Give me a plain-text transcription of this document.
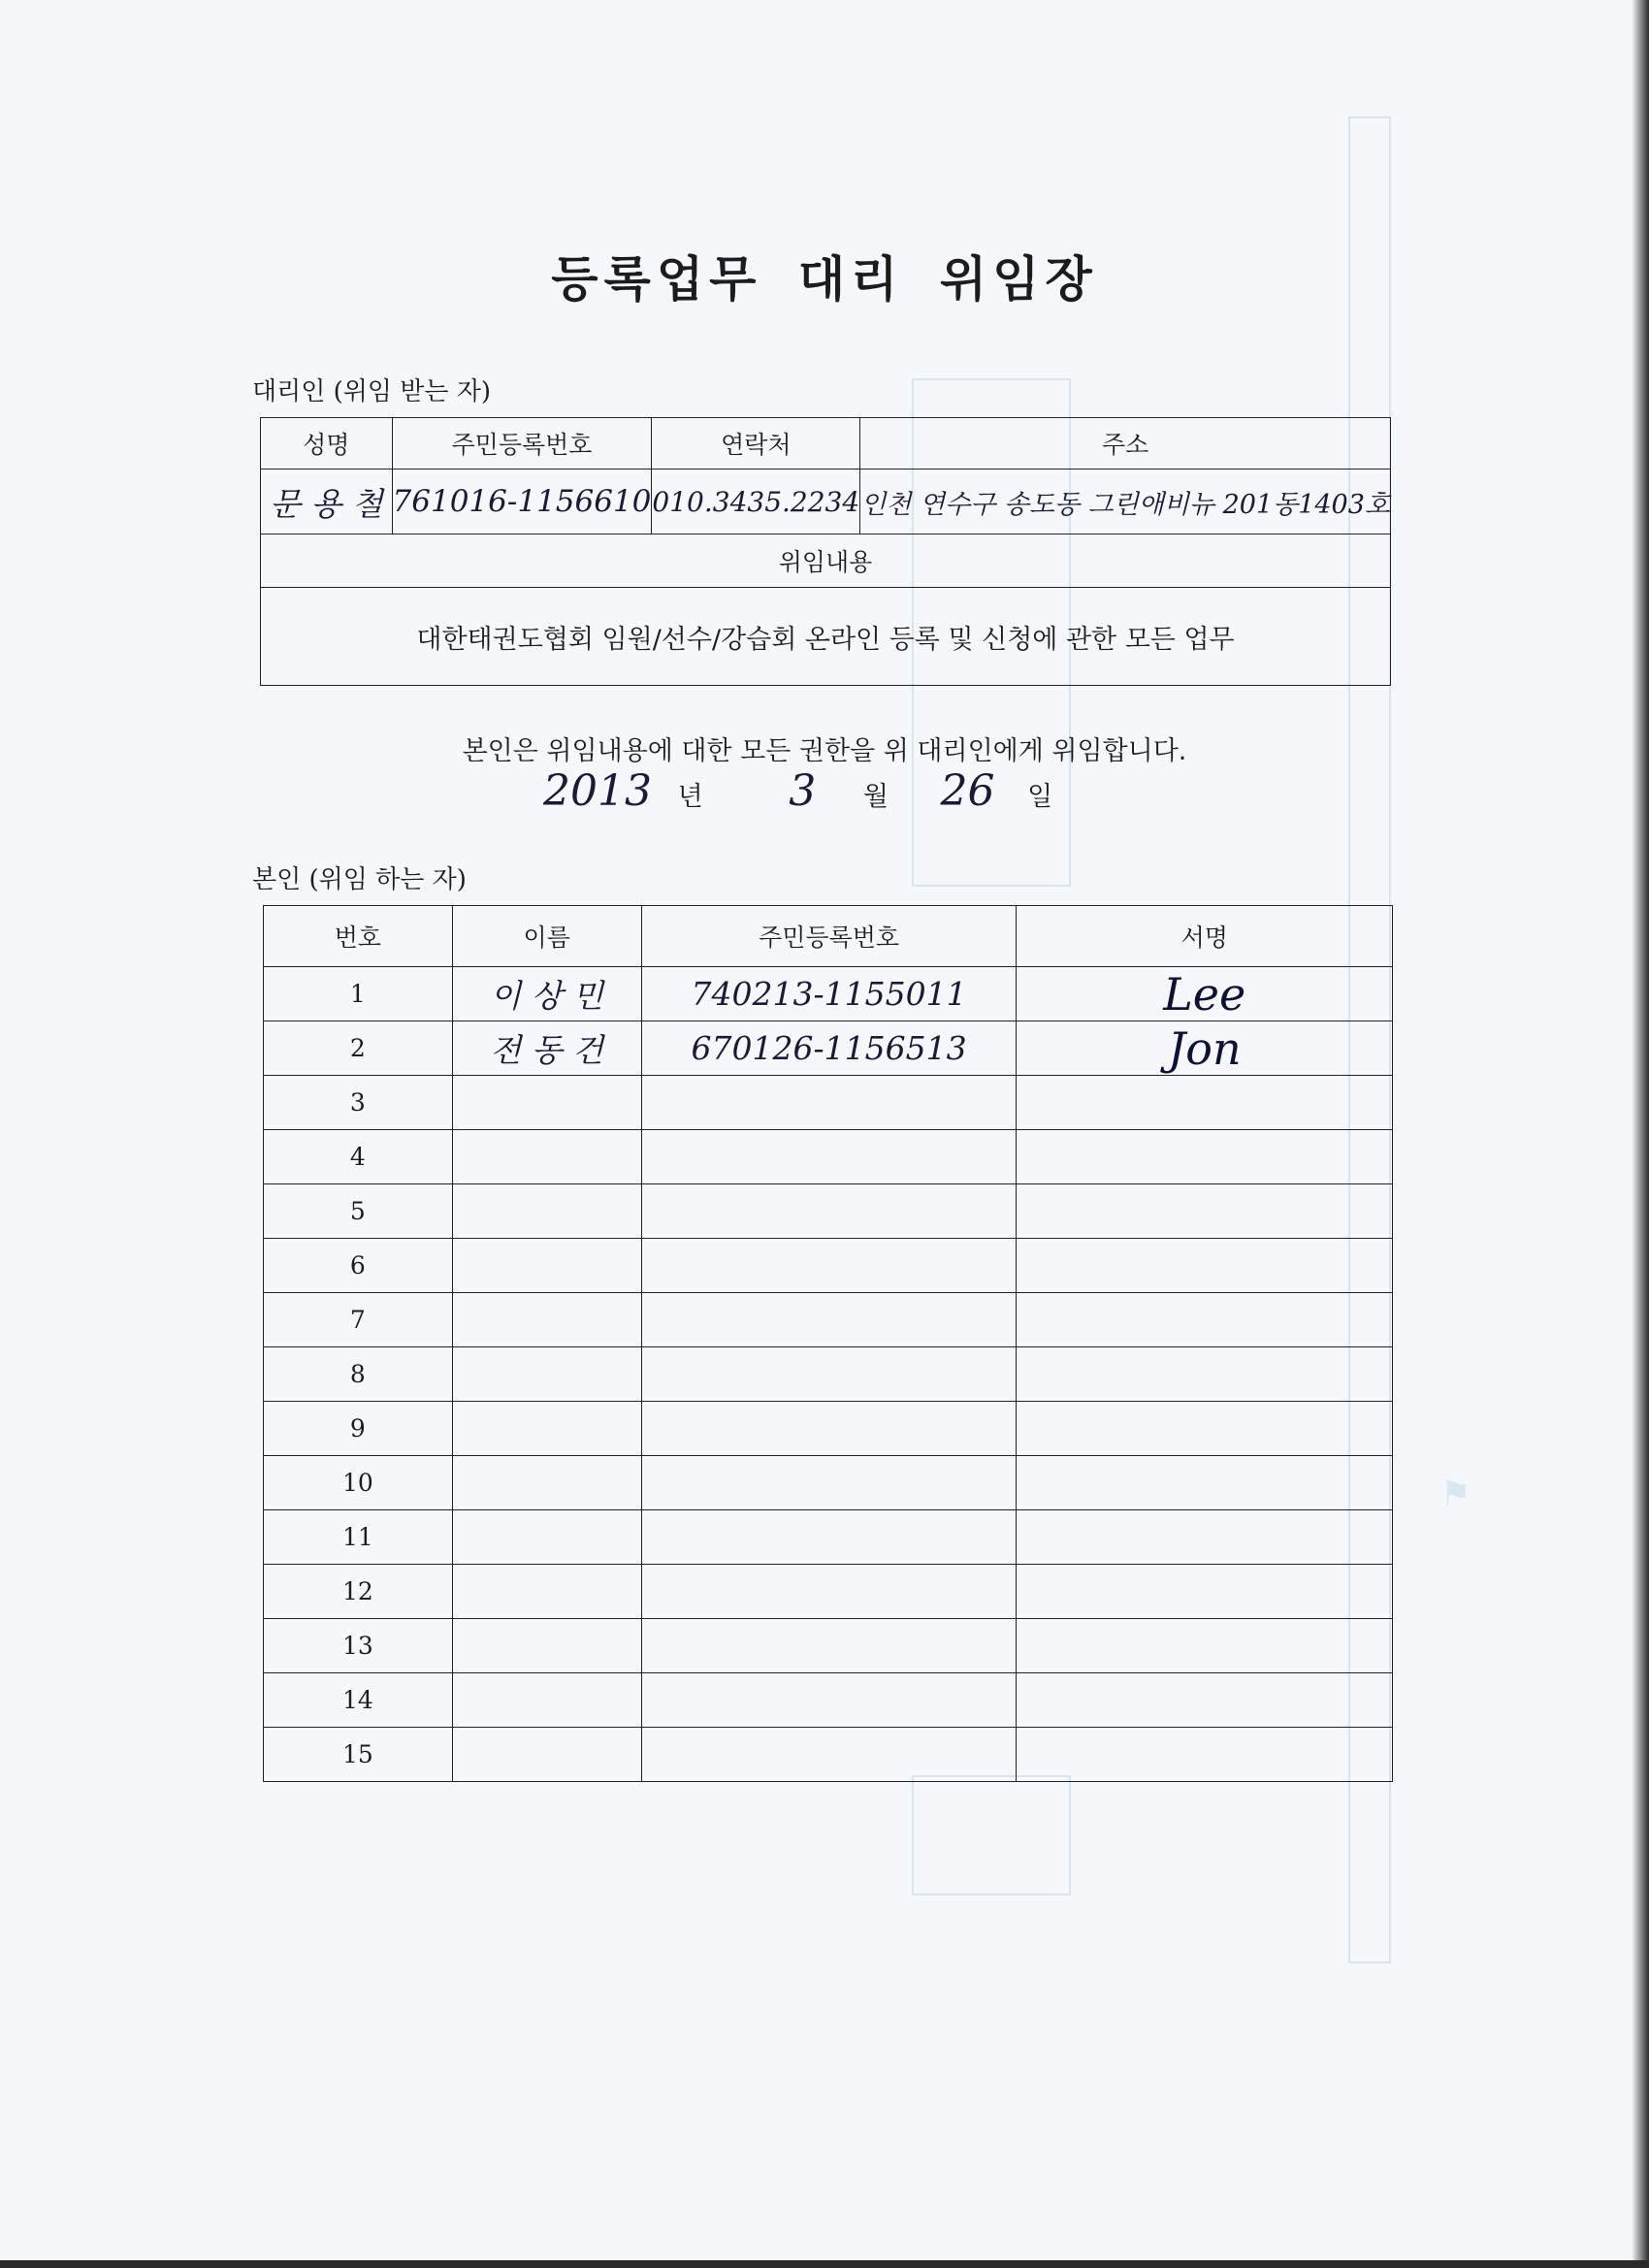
⚑
등록업무 대리 위임장
대리인 (위임 받는 자)
성명	주민등록번호	연락처	주소
문 용 철	761016-1156610	010.3435.2234	인천 연수구 송도동 그린애비뉴 201동1403호
위임내용			
대한태권도협회 임원/선수/강습회 온라인 등록 및 신청에 관한 모든 업무			
본인은 위임내용에 대한 모든 권한을 위 대리인에게 위임합니다.
2013 년 3 월 26 일
본인 (위임 하는 자)
번호	이름	주민등록번호	서명
1	이 상 민	740213-1155011	Lee
2	전 동 건	670126-1156513	Jon
3			
4			
5			
6			
7			
8			
9			
10			
11			
12			
13			
14			
15			
